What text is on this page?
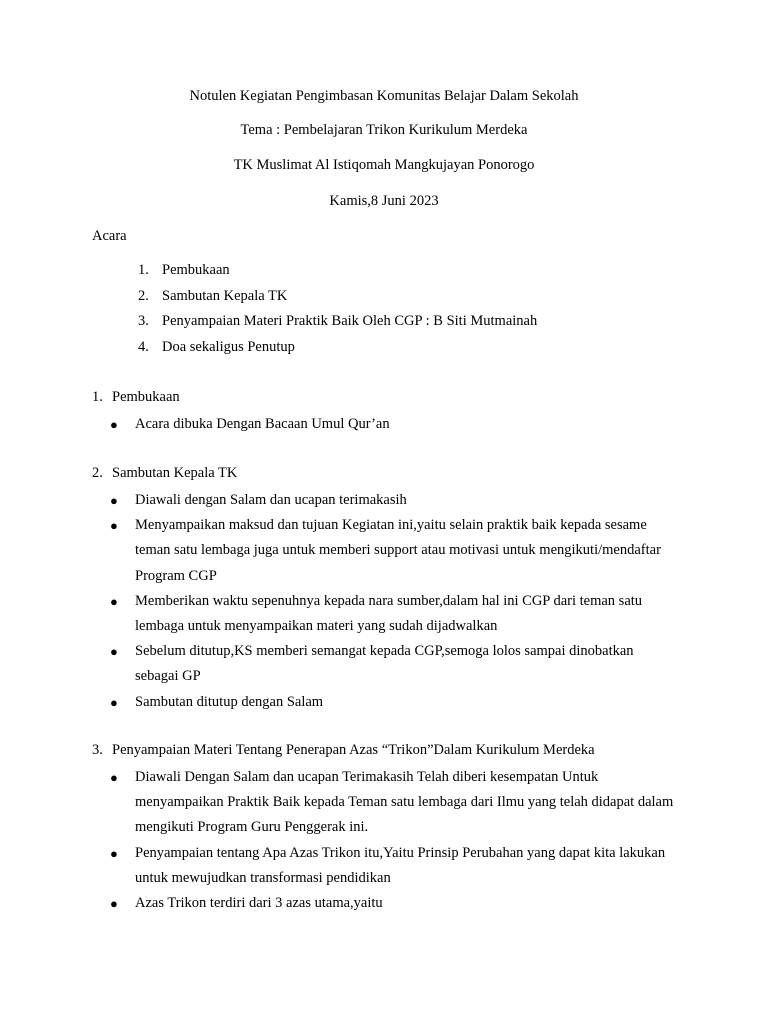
Notulen Kegiatan Pengimbasan Komunitas Belajar Dalam Sekolah
Tema : Pembelajaran Trikon Kurikulum Merdeka
TK Muslimat Al Istiqomah Mangkujayan Ponorogo
Kamis,8 Juni 2023
Acara
1. Pembukaan
2. Sambutan Kepala TK
3. Penyampaian Materi Praktik Baik Oleh CGP : B Siti Mutmainah
4. Doa sekaligus Penutup
1. Pembukaan
● Acara dibuka Dengan Bacaan Umul Qur’an
2. Sambutan Kepala TK
● Diawali dengan Salam dan ucapan terimakasih
● Menyampaikan maksud dan tujuan Kegiatan ini,yaitu selain praktik baik kepada sesame teman satu lembaga juga untuk memberi support atau motivasi untuk mengikuti/mendaftar Program CGP
● Memberikan waktu sepenuhnya kepada nara sumber,dalam hal ini CGP dari teman satu lembaga untuk menyampaikan materi yang sudah dijadwalkan
● Sebelum ditutup,KS memberi semangat kepada CGP,semoga lolos sampai dinobatkan sebagai GP
● Sambutan ditutup dengan Salam
3. Penyampaian Materi Tentang Penerapan Azas “Trikon”Dalam Kurikulum Merdeka
● Diawali Dengan Salam dan ucapan Terimakasih Telah diberi kesempatan Untuk menyampaikan Praktik Baik kepada Teman satu lembaga dari Ilmu yang telah didapat dalam mengikuti Program Guru Penggerak ini.
● Penyampaian tentang Apa Azas Trikon itu,Yaitu Prinsip Perubahan yang dapat kita lakukan untuk mewujudkan transformasi pendidikan
● Azas Trikon terdiri dari 3 azas utama,yaitu
